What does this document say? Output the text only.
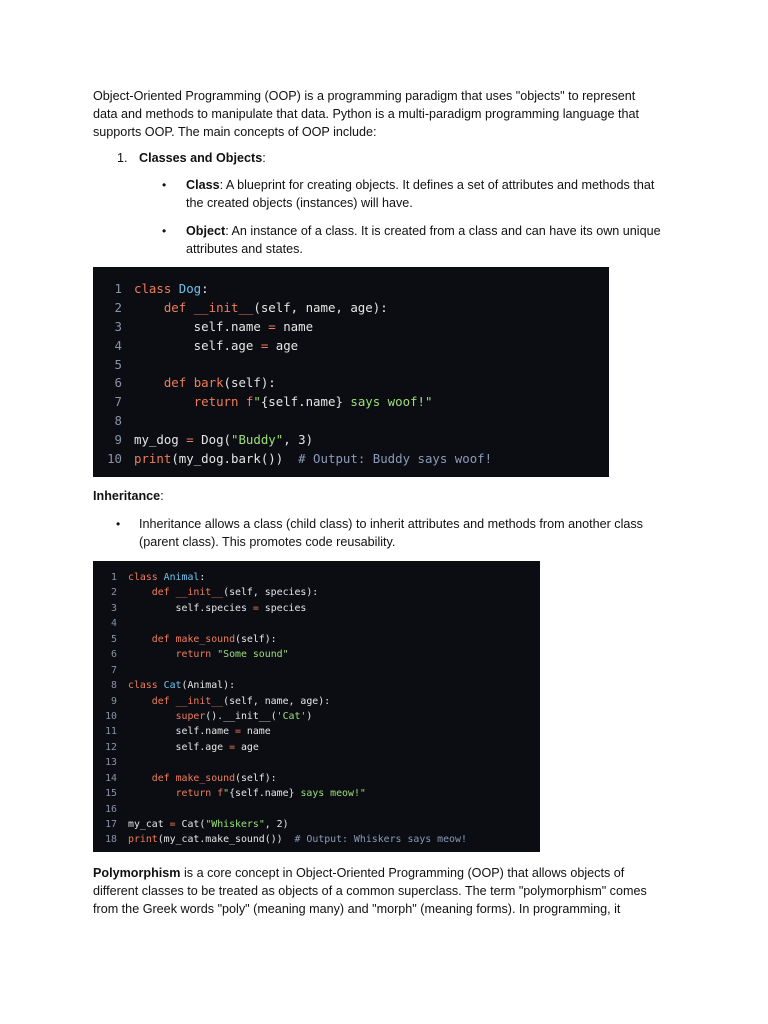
Object-Oriented Programming (OOP) is a programming paradigm that uses "objects" to represent
data and methods to manipulate that data. Python is a multi-paradigm programming language that
supports OOP. The main concepts of OOP include:

1. Classes and Objects:

• Class: A blueprint for creating objects. It defines a set of attributes and methods that
the created objects (instances) will have.

• Object: An instance of a class. It is created from a class and can have its own unique
attributes and states.

1 class Dog:
2	def __init__(self, name, age):
3        self.name = name
4        self.age = age
5
6	def bark(self):
7	return f"{self.name} says woof!"
8
9 my_dog = Dog("Buddy", 3)
10 print(my_dog.bark())  # Output: Buddy says woof!

Inheritance:

• Inheritance allows a class (child class) to inherit attributes and methods from another class
(parent class). This promotes code reusability.

1 class Animal:
2	def __init__(self, species):
3        self.species = species
4
5	def make_sound(self):
6	return "Some sound"
7
8 class Cat(Animal):
9	def __init__(self, name, age):
10	super().__init__('Cat')
11        self.name = name
12        self.age = age
13
14	def make_sound(self):
15	return f"{self.name} says meow!"
16
17 my_cat = Cat("Whiskers", 2)
18 print(my_cat.make_sound())  # Output: Whiskers says meow!

Polymorphism is a core concept in Object-Oriented Programming (OOP) that allows objects of
different classes to be treated as objects of a common superclass. The term "polymorphism" comes
from the Greek words "poly" (meaning many) and "morph" (meaning forms). In programming, it
